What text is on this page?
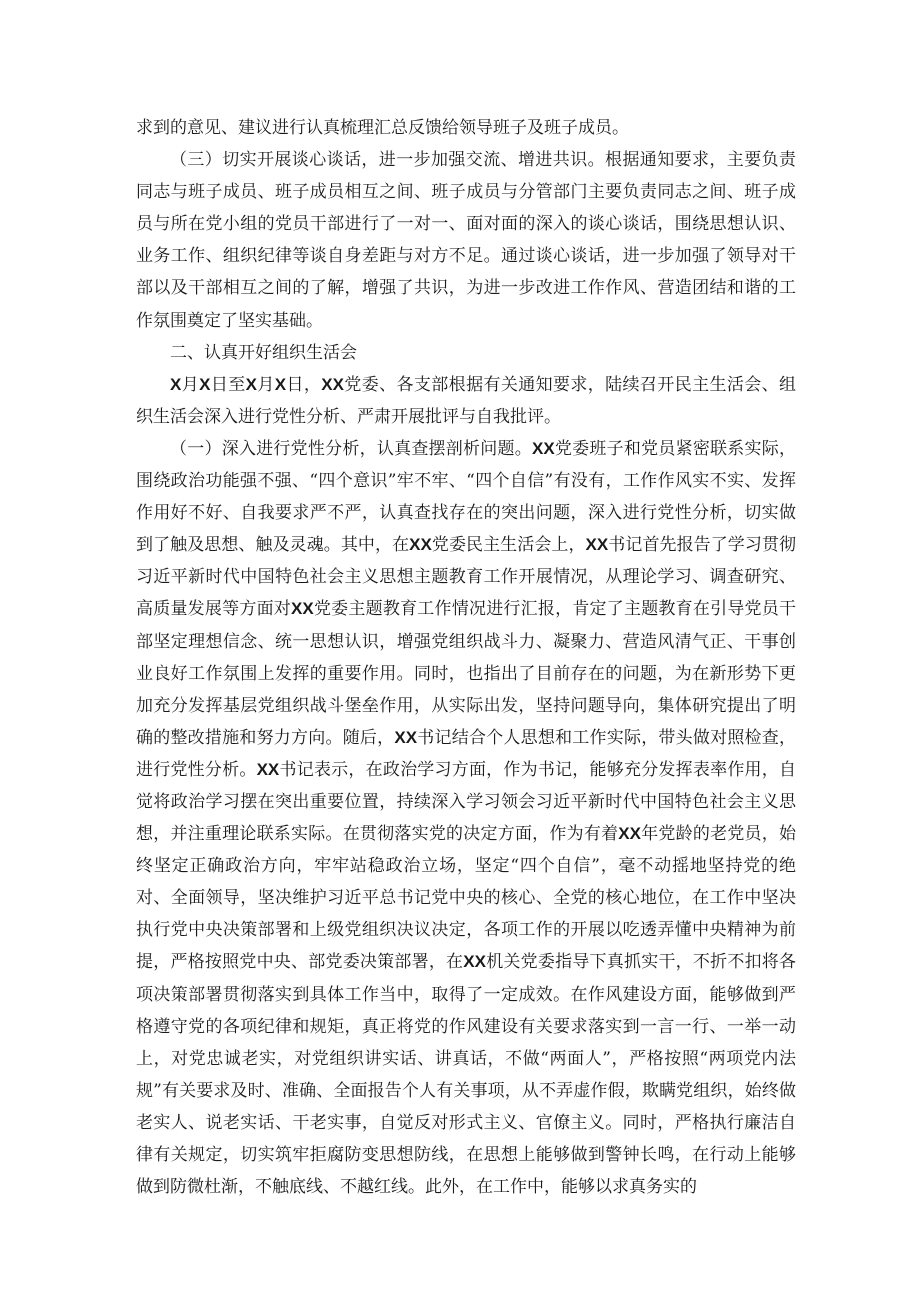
求到的意见、建议进行认真梳理汇总反馈给领导班子及班子成员。

（三）切实开展谈心谈话，进一步加强交流、增进共识。根据通知要求，主要负责同志与班子成员、班子成员相互之间、班子成员与分管部门主要负责同志之间、班子成员与所在党小组的党员干部进行了一对一、面对面的深入的谈心谈话，围绕思想认识、业务工作、组织纪律等谈自身差距与对方不足。通过谈心谈话，进一步加强了领导对干部以及干部相互之间的了解，增强了共识，为进一步改进工作作风、营造团结和谐的工作氛围奠定了坚实基础。

二、认真开好组织生活会

X月X日至X月X日，XX党委、各支部根据有关通知要求，陆续召开民主生活会、组织生活会深入进行党性分析、严肃开展批评与自我批评。

（一）深入进行党性分析，认真查摆剖析问题。XX党委班子和党员紧密联系实际，围绕政治功能强不强、“四个意识”牢不牢、“四个自信”有没有，工作作风实不实、发挥作用好不好、自我要求严不严，认真查找存在的突出问题，深入进行党性分析，切实做到了触及思想、触及灵魂。其中，在XX党委民主生活会上，XX书记首先报告了学习贯彻习近平新时代中国特色社会主义思想主题教育工作开展情况，从理论学习、调查研究、高质量发展等方面对XX党委主题教育工作情况进行汇报，肯定了主题教育在引导党员干部坚定理想信念、统一思想认识，增强党组织战斗力、凝聚力、营造风清气正、干事创业良好工作氛围上发挥的重要作用。同时，也指出了目前存在的问题，为在新形势下更加充分发挥基层党组织战斗堡垒作用，从实际出发，坚持问题导向，集体研究提出了明确的整改措施和努力方向。随后，XX书记结合个人思想和工作实际，带头做对照检查，进行党性分析。XX书记表示，在政治学习方面，作为书记，能够充分发挥表率作用，自觉将政治学习摆在突出重要位置，持续深入学习领会习近平新时代中国特色社会主义思想，并注重理论联系实际。在贯彻落实党的决定方面，作为有着XX年党龄的老党员，始终坚定正确政治方向，牢牢站稳政治立场，坚定“四个自信”，毫不动摇地坚持党的绝对、全面领导，坚决维护习近平总书记党中央的核心、全党的核心地位，在工作中坚决执行党中央决策部署和上级党组织决议决定，各项工作的开展以吃透弄懂中央精神为前提，严格按照党中央、部党委决策部署，在XX机关党委指导下真抓实干，不折不扣将各项决策部署贯彻落实到具体工作当中，取得了一定成效。在作风建设方面，能够做到严格遵守党的各项纪律和规矩，真正将党的作风建设有关要求落实到一言一行、一举一动上，对党忠诚老实，对党组织讲实话、讲真话，不做“两面人”，严格按照“两项党内法规”有关要求及时、准确、全面报告个人有关事项，从不弄虚作假，欺瞒党组织，始终做老实人、说老实话、干老实事，自觉反对形式主义、官僚主义。同时，严格执行廉洁自律有关规定，切实筑牢拒腐防变思想防线，在思想上能够做到警钟长鸣，在行动上能够做到防微杜渐，不触底线、不越红线。此外，在工作中，能够以求真务实的
